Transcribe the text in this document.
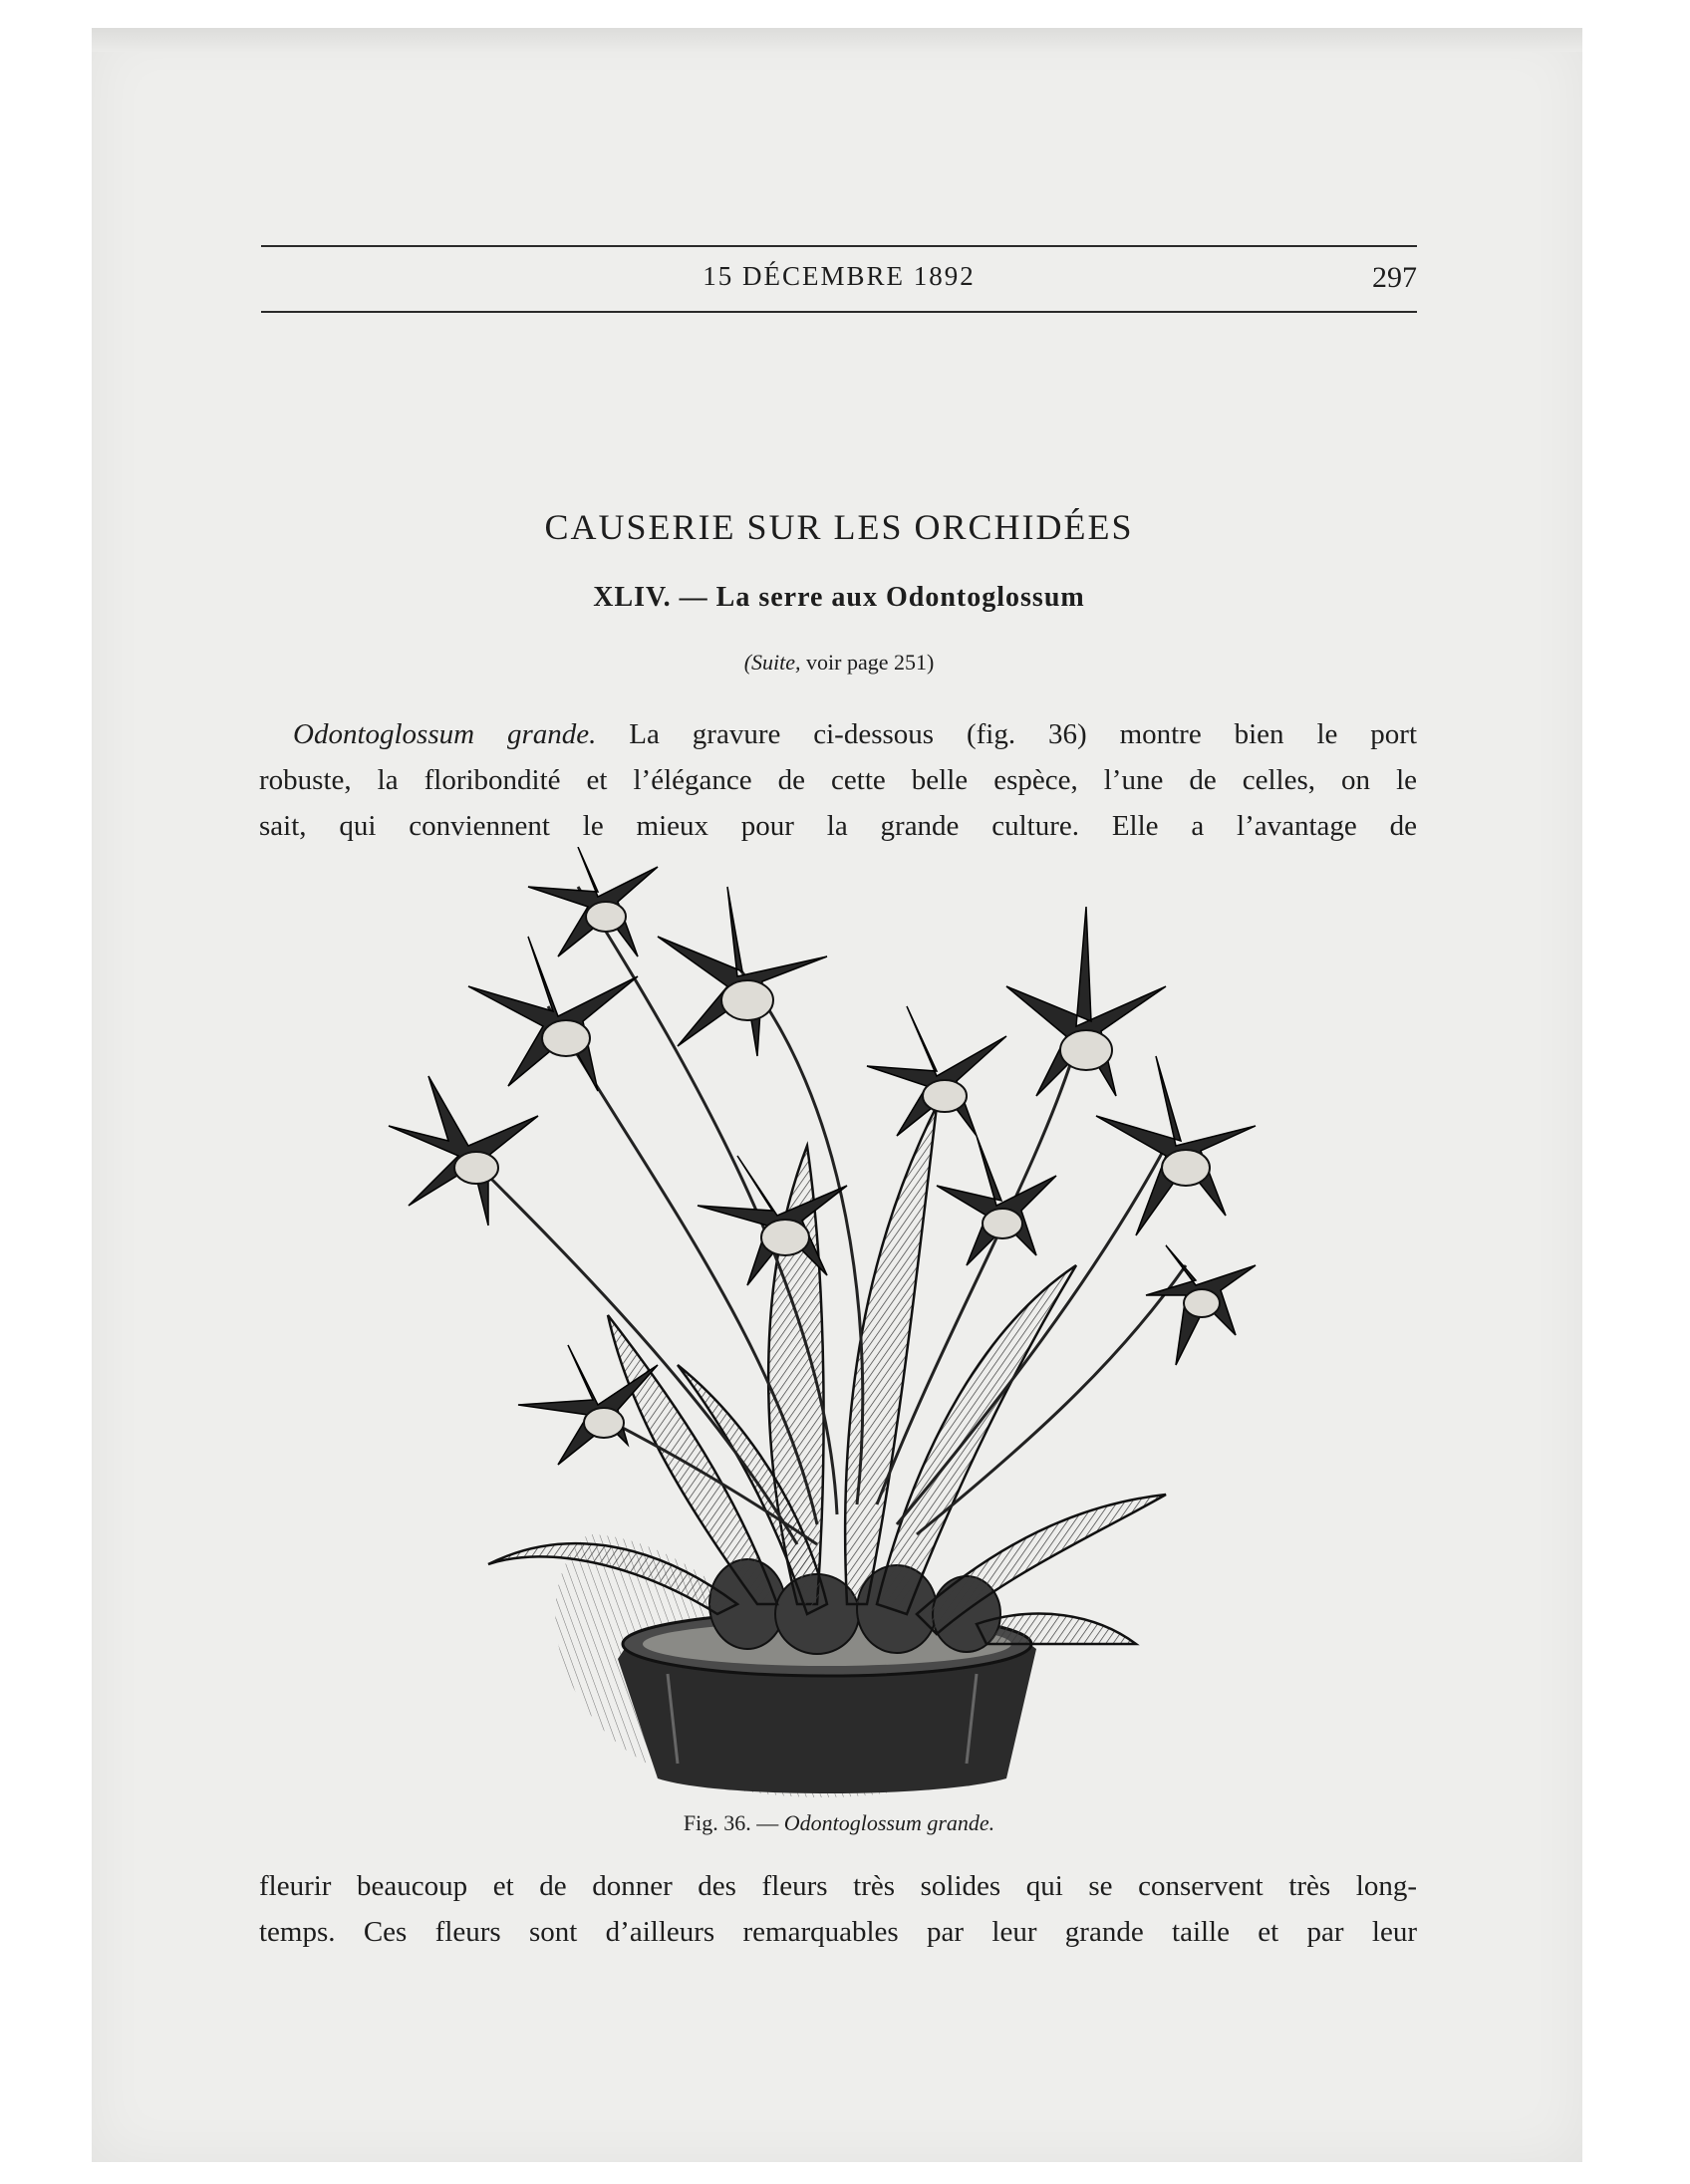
15 DÉCEMBRE 1892	297
CAUSERIE SUR LES ORCHIDÉES
XLIV. — La serre aux Odontoglossum
(Suite, voir page 251)

Odontoglossum grande. La gravure ci-dessous (fig. 36) montre bien le port
robuste, la floribondité et l’élégance de cette belle espèce, l’une de celles, on le
sait, qui conviennent le mieux pour la grande culture. Elle a l’avantage de

Fig. 36. — Odontoglossum grande.

fleurir beaucoup et de donner des fleurs très solides qui se conservent très long-
temps. Ces fleurs sont d’ailleurs remarquables par leur grande taille et par leur
